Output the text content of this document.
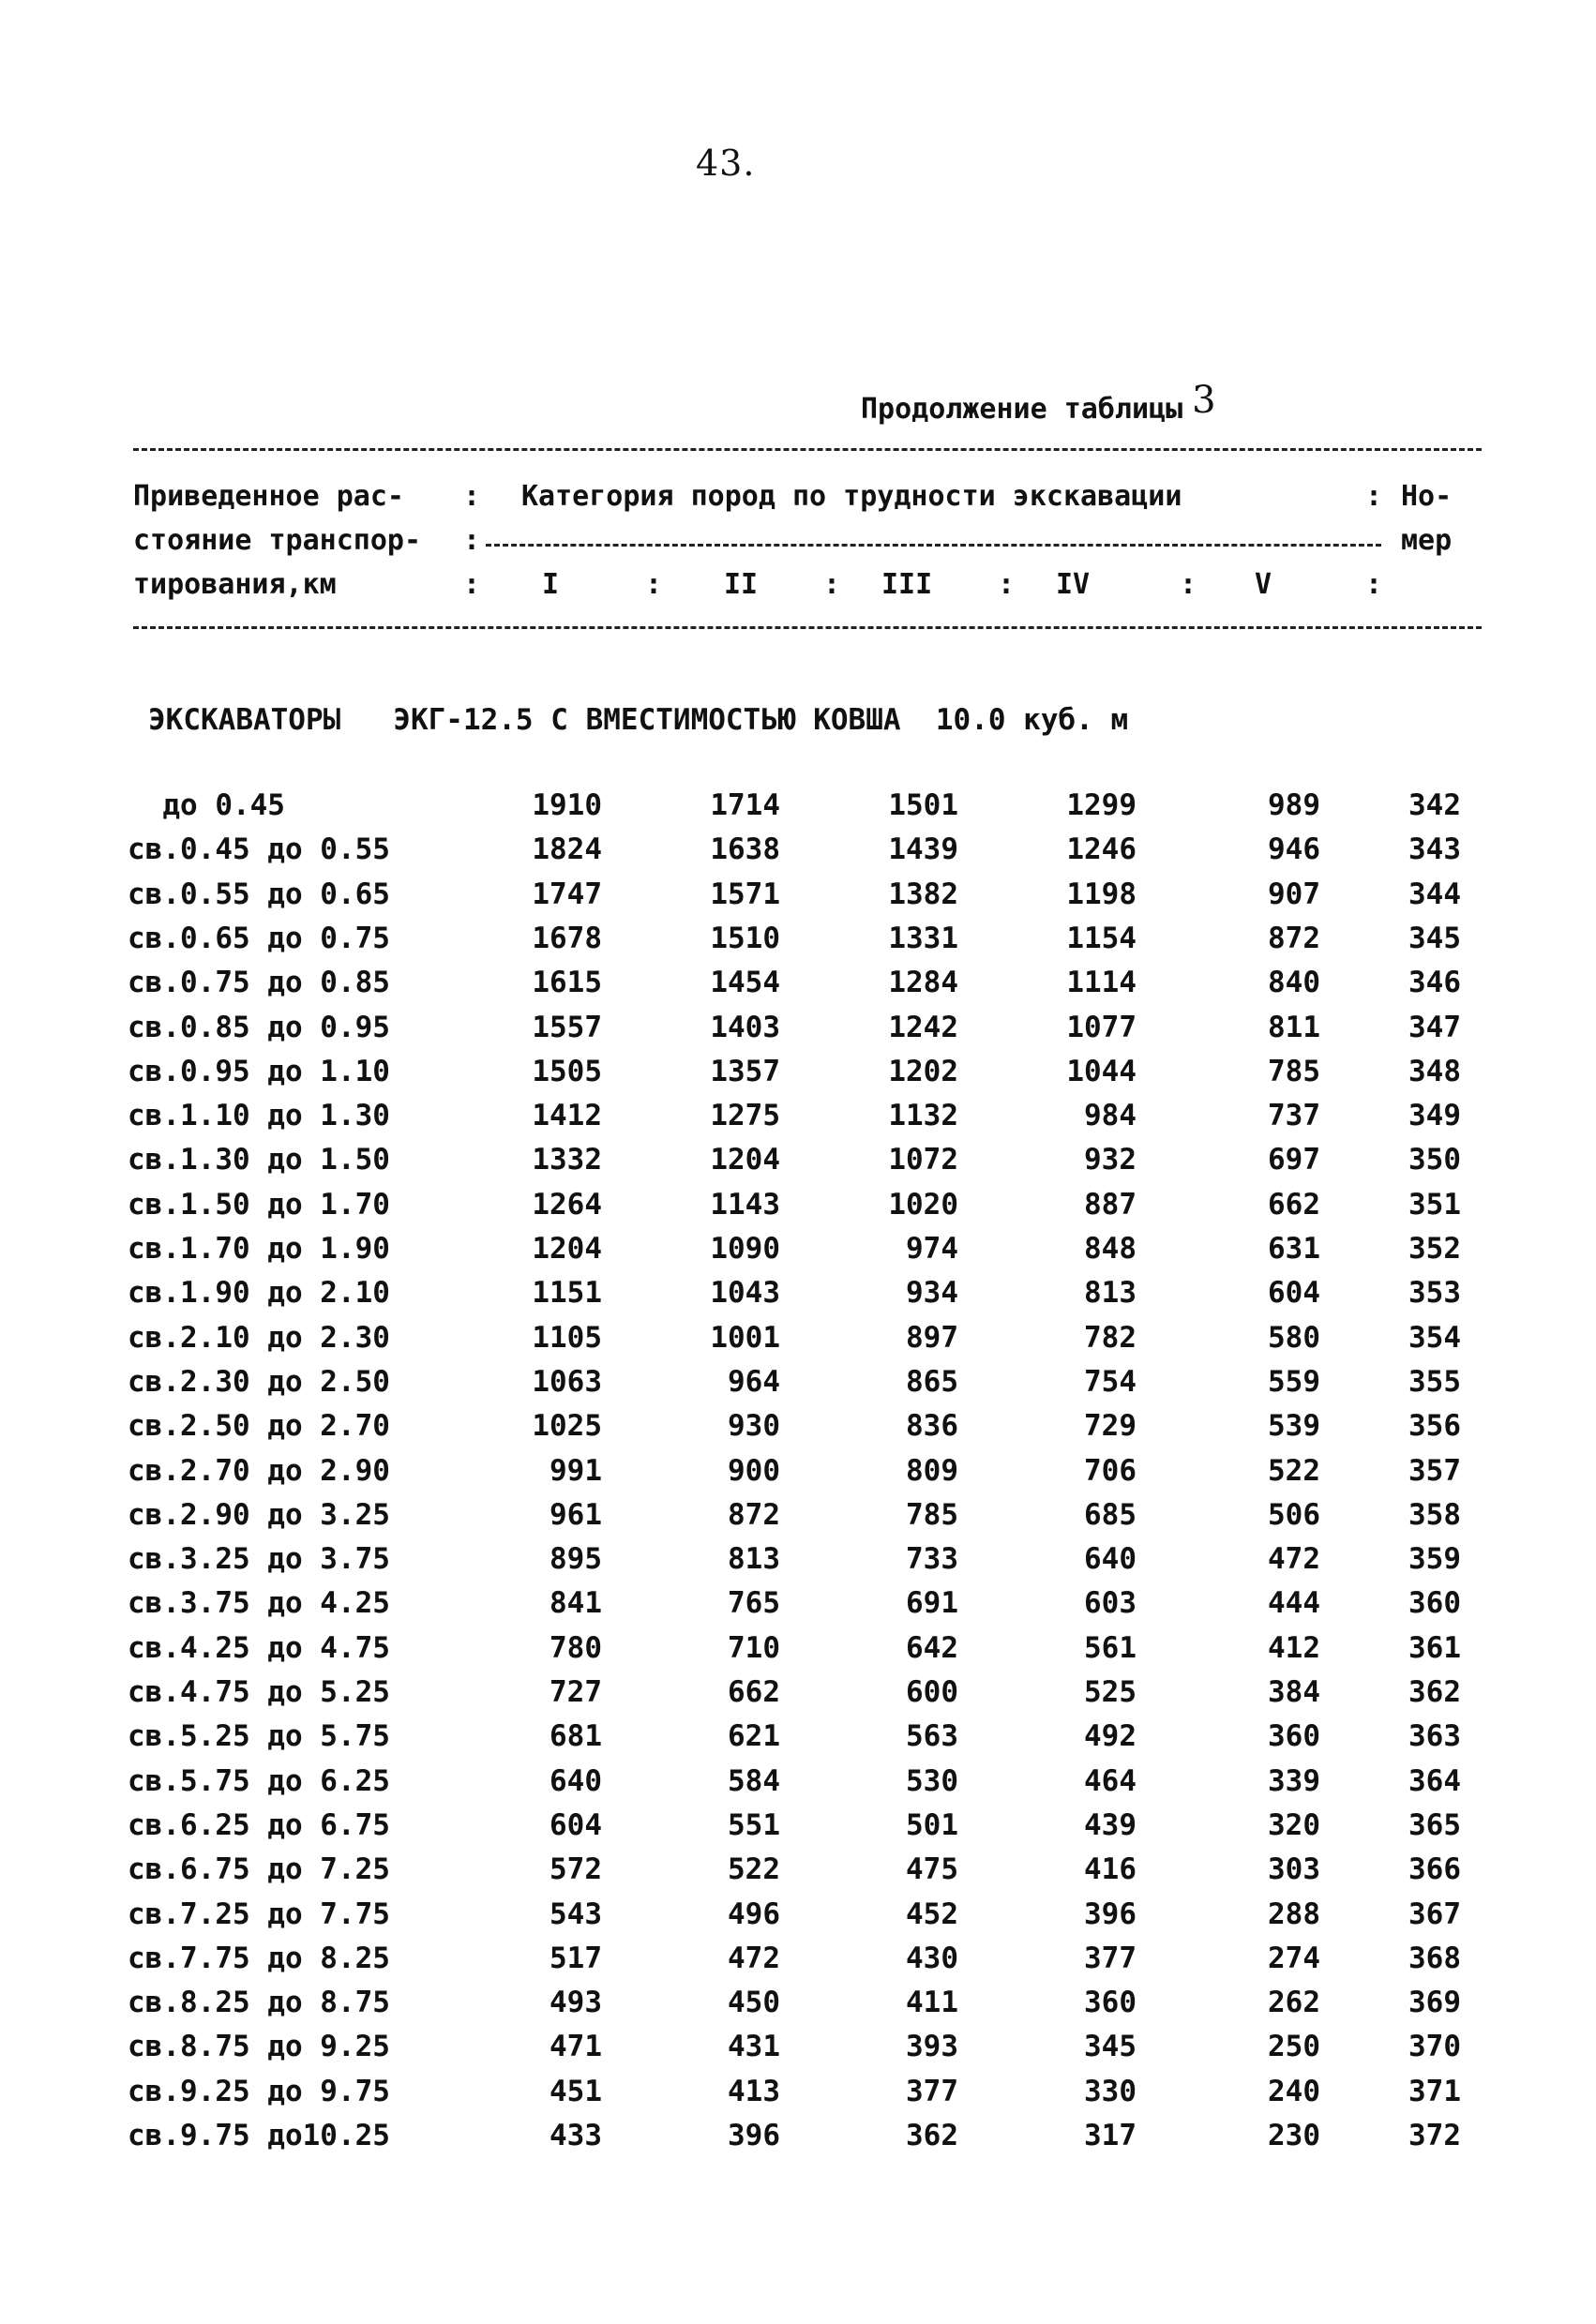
43.
Продолжение таблицы 3
Приведенное рас- : Категория пород по трудности экскавации	: Но-
стояние транспор- :	мер
тирования,км	: I	: II : III : IV	: V	:
ЭКСКАВАТОРЫ   ЭКГ-12.5 С ВМЕСТИМОСТЬЮ КОВША  10.0 куб. м
до 0.45	1910	1714	1501	1299	989	342
св.0.45 до 0.55	1824	1638	1439	1246	946	343
св.0.55 до 0.65	1747	1571	1382	1198	907	344
св.0.65 до 0.75	1678	1510	1331	1154	872	345
св.0.75 до 0.85	1615	1454	1284	1114	840	346
св.0.85 до 0.95	1557	1403	1242	1077	811	347
св.0.95 до 1.10	1505	1357	1202	1044	785	348
св.1.10 до 1.30	1412	1275	1132	984	737	349
св.1.30 до 1.50	1332	1204	1072	932	697	350
св.1.50 до 1.70	1264	1143	1020	887	662	351
св.1.70 до 1.90	1204	1090	974	848	631	352
св.1.90 до 2.10	1151	1043	934	813	604	353
св.2.10 до 2.30	1105	1001	897	782	580	354
св.2.30 до 2.50	1063	964	865	754	559	355
св.2.50 до 2.70	1025	930	836	729	539	356
св.2.70 до 2.90	991	900	809	706	522	357
св.2.90 до 3.25	961	872	785	685	506	358
св.3.25 до 3.75	895	813	733	640	472	359
св.3.75 до 4.25	841	765	691	603	444	360
св.4.25 до 4.75	780	710	642	561	412	361
св.4.75 до 5.25	727	662	600	525	384	362
св.5.25 до 5.75	681	621	563	492	360	363
св.5.75 до 6.25	640	584	530	464	339	364
св.6.25 до 6.75	604	551	501	439	320	365
св.6.75 до 7.25	572	522	475	416	303	366
св.7.25 до 7.75	543	496	452	396	288	367
св.7.75 до 8.25	517	472	430	377	274	368
св.8.25 до 8.75	493	450	411	360	262	369
св.8.75 до 9.25	471	431	393	345	250	370
св.9.25 до 9.75	451	413	377	330	240	371
св.9.75 до10.25	433	396	362	317	230	372
